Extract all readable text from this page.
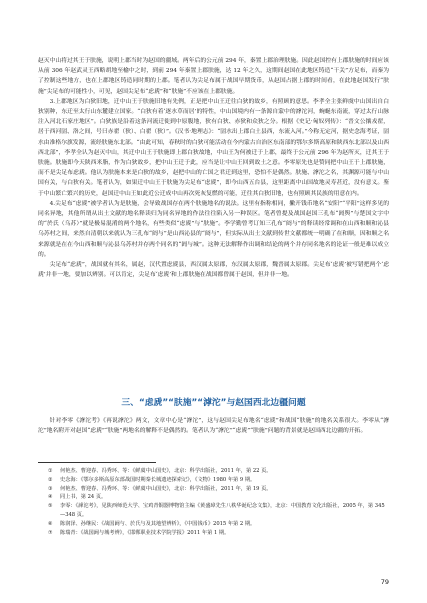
赵灭中山将过其王于肤施，说明上郡当时为赵国的疆域。两年后的公元前 294 年，秦置上郡治理肤施。因此赵国控有上郡肤施的时间应该从前 306 年赵武灵王西略胡地至榆中之时，到前 294 年秦置上郡肤施，达 12 年之久，这期间赵国在此地区铸造“干关”方足布，而秦为了控制这些地方，也在上郡地区铸造同时期的上郡。笔者认为尖足布属于战国早期货币，从赵国占据上郡的时间看，在此地赵国发行“肤施”尖足布的可能性小，可见，赵国尖足布“虑虒”和“肤施”不应该在上郡肤施。

3.上郡地区为白狄旧地，迁中山王于肤施旧地有先例，正是把中山王迁往白狄的故乡，有照顾的意思。李孝全主张鲜虞中山国出自白狄别种，东迁至太行山东麓建立国家。“白狄有着‘逐水草而居’的特性，中山国境内有一条源自蒙中的滹沱河，蜿蜒东南流，穿过太行山脉注入河北石家庄地区”。白狄族是沿着这条河流迁徙到中原腹地，狄有白狄、赤狄和众狄之分。根据《史记·匈奴列传》：“晋文公攘戎翟，居于西河圁、洛之间，号曰赤翟（狄）、白翟（狄）”。《汉书·地理志》：“圁水出上郡白土县西，东流入河。”今称无定河，据史念海考证，圁水由准格尔旗发源，流经肤施东北部。“由此可知，春秋时的白狄可能活动在今内蒙古自治区东南部的鄂尔多斯高原和陕西东北部以及山西西北部”，李孝全认为赵灭中山，其迁中山王于肤施即上郡白狄故地，中山王为何被迁于上郡，最终于公元前 296 年为赵所灭，迁其王于肤施。肤施即今天陕西米脂，作为白狄故乡，把中山王迁于此，应当是让中山王回到故土之意。李零原先也是赞同把中山王于上郡肤施，而不是尖足布虑虒。他认为肤施本来是白狄的故乡，赵把中山的亡国之君迁到这里，恐怕不是偶然。肤施、滹沱之名，其渊源可能与中山国有关，与白狄有关。笔者认为，如果迁中山王于肤施为尖足布“虑虒”，即今山西五台县，这里距离中山国故地灵寿甚近，没有意义。鉴于中山繁亡繁兴的历史，赵国迁中山王如此近公迁成中山再次死灰复燃的可能，迁往其白狄旧地，也有照顾其民族的用意在内。

4.尖足布“虑虒”被学者认为是肤施，会导致战国存在两个肤施地名的说法。这里有指称相同，撇开钱币地名“安阳”“平阳”这样多见的同名异地，其他所谓从出土文献的地名释读归为同名异地的作法往往陷入另一种误区。笔者曾提及战国赵国三孔布“阏舆”与楚国文字中的“於氏（乌苏）”就是极易混淆的两个地名，有些类似“虑虒”与“肤施”。李学勤曾考订知三孔布“阏与”的释读经常调和在山西和顺和沁县乌苏村之间，来然自清朝以来就认为三孔布“阏与”是山西沁县的“阏与”，但实际从出土文献到传世文献都统一明确了在和顺，因和顺之名来源就是在在今山西和顺与沁县乌苏村并存两个同名的“阏与城”。这种无法解释作出调和结论的两个并存同名地名的论证一般是难以成立的。

尖足布“虑虒”，战国就有其名，属赵，汉代置虑虒县，西汉属太原郡，东汉属太原郡，魏晋属太原郡。尖足布‘虑虒’被写错把两个‘虑虒’并非一地，要加以辨别。可以肯定，尖足布‘虑虒’和上郡肤施在战国都曾属于赵国，但并非一地。

三、“虑虒”“肤施”“滹沱”与赵国西北边疆问题

针对李零《滹沱考》《再说滹沱》两文，文章中心是“滹沱”，这与赵国尖足布地名“虑虒”和战国“肤施”的地名关系很大。李零从“滹沱”地名附开对赵国“虑虒”“肤施”两地名的解释不是偶然的。笔者认为“滹沱”“虑虒”“肤施”问题的背景就是赵国西北边疆的开拓。

①	何艳杰、曹迎春、冯秀环、等：《鲜虞中山国史》，北京：科学出版社，2011 年，第 22 页。
②	史念海：《鄂尔多斯高原东部战国时期秦长城遗迹探索记》，《文物》1980 年第 9 期。
③	何艳杰、曹迎春、冯秀环、等：《鲜虞中山国史》，北京：科学出版社，2011 年，第 19 页。
④	同上书，第 24 页。
⑤	李零：《滹沱考》，见陕西师范大学、宝鸡青铜器博物馆主编《黄盛璋先生八秩华诞纪念文集》，北京：中国教育文化出版社，2005 年，第 345—348 页。
⑥	陈润泽、孙继民：《战国阏与、於氏与及其地望辨析》，《中国钱币》2015 年第 2 期。
⑦	陈瑞青：《战国阏与城考辨》，《邯郸职业技术学院学报》2011 年第 1 期。
79
